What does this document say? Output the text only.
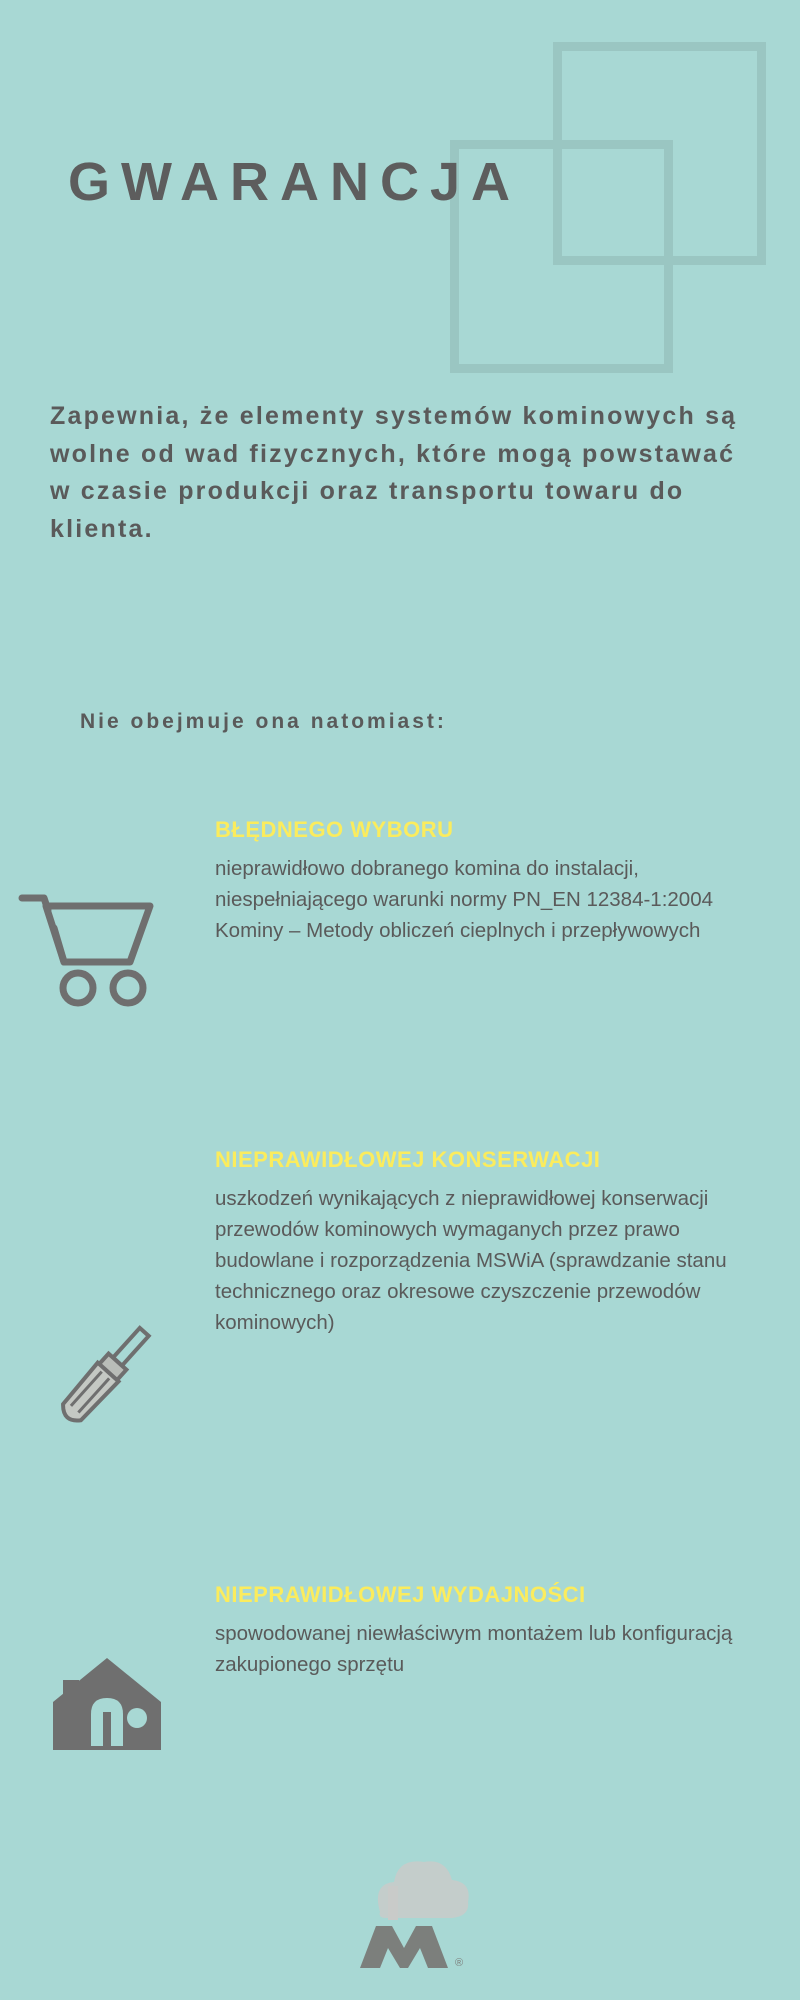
GWARANCJA
Zapewnia, że elementy systemów kominowych są wolne od wad fizycznych, które mogą powstawać w czasie produkcji oraz transportu towaru do klienta.
Nie obejmuje ona natomiast:
BŁĘDNEGO WYBORU
nieprawidłowo dobranego komina do instalacji, niespełniającego warunki normy PN_EN 12384-1:2004 Kominy – Metody obliczeń cieplnych i przepływowych
NIEPRAWIDŁOWEJ KONSERWACJI
uszkodzeń wynikających z nieprawidłowej konserwacji przewodów kominowych wymaganych przez prawo budowlane i rozporządzenia MSWiA (sprawdzanie stanu technicznego oraz okresowe czyszczenie przewodów kominowych)
NIEPRAWIDŁOWEJ WYDAJNOŚCI
spowodowanej niewłaściwym montażem lub konfiguracją zakupionego sprzętu
®
